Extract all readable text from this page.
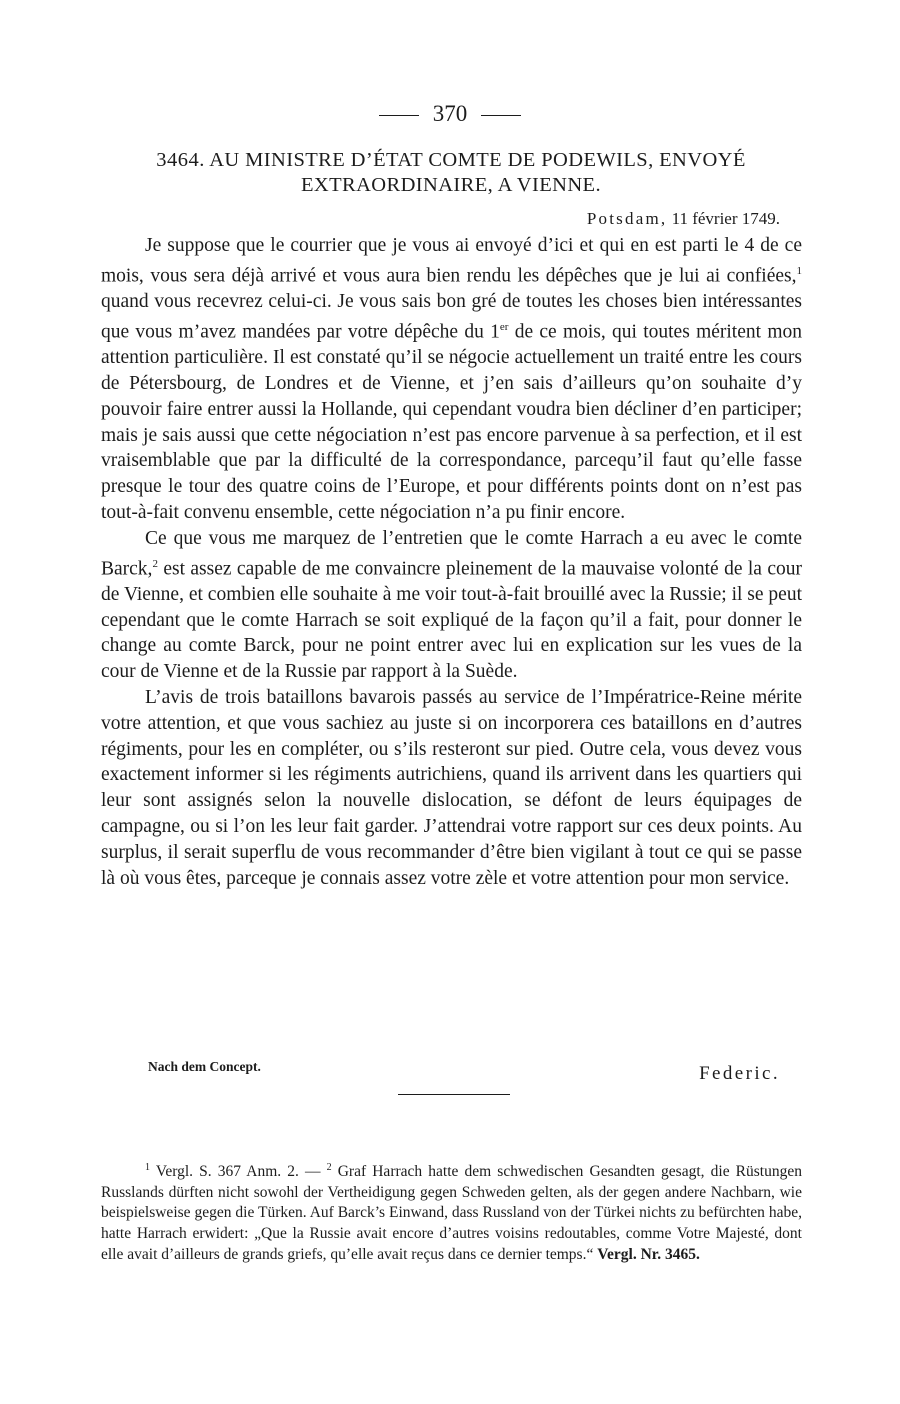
370
3464. AU MINISTRE D’ÉTAT COMTE DE PODEWILS, ENVOYÉ
EXTRAORDINAIRE, A VIENNE.
Potsdam, 11 février 1749.

Je suppose que le courrier que je vous ai envoyé d’ici et qui en est parti le 4 de ce mois, vous sera déjà arrivé et vous aura bien rendu les dépêches que je lui ai confiées,$^1$ quand vous recevrez celui-ci. Je vous sais bon gré de toutes les choses bien intéressantes que vous m’avez mandées par votre dépêche du 1er de ce mois, qui toutes méritent mon attention particulière. Il est constaté qu’il se négocie actuellement un traité entre les cours de Pétersbourg, de Londres et de Vienne, et j’en sais d’ailleurs qu’on souhaite d’y pouvoir faire entrer aussi la Hollande, qui cependant voudra bien décliner d’en participer; mais je sais aussi que cette négociation n’est pas encore parvenue à sa perfection, et il est vraisemblable que par la difficulté de la correspondance, parcequ’il faut qu’elle fasse presque le tour des quatre coins de l’Europe, et pour différents points dont on n’est pas tout-à-fait convenu ensemble, cette négociation n’a pu finir encore.

Ce que vous me marquez de l’entretien que le comte Harrach a eu avec le comte Barck,$^2$ est assez capable de me convaincre pleinement de la mauvaise volonté de la cour de Vienne, et combien elle souhaite à me voir tout-à-fait brouillé avec la Russie; il se peut cependant que le comte Harrach se soit expliqué de la façon qu’il a fait, pour donner le change au comte Barck, pour ne point entrer avec lui en explication sur les vues de la cour de Vienne et de la Russie par rapport à la Suède.

L’avis de trois bataillons bavarois passés au service de l’Impératrice-Reine mérite votre attention, et que vous sachiez au juste si on incorporera ces bataillons en d’autres régiments, pour les en compléter, ou s’ils resteront sur pied. Outre cela, vous devez vous exactement informer si les régiments autrichiens, quand ils arrivent dans les quartiers qui leur sont assignés selon la nouvelle dislocation, se défont de leurs équipages de campagne, ou si l’on les leur fait garder. J’attendrai votre rapport sur ces deux points. Au surplus, il serait superflu de vous recommander d’être bien vigilant à tout ce qui se passe là où vous êtes, parceque je connais assez votre zèle et votre attention pour mon service.

Nach dem Concept.	Federic.

$^1$ Vergl. S. 367 Anm. 2. — $^2$ Graf Harrach hatte dem schwedischen Gesandten gesagt, die Rüstungen Russlands dürften nicht sowohl der Vertheidigung gegen Schweden gelten, als der gegen andere Nachbarn, wie beispielsweise gegen die Türken. Auf Barck’s Einwand, dass Russland von der Türkei nichts zu befürchten habe, hatte Harrach erwidert: „Que la Russie avait encore d’autres voisins redoutables, comme Votre Majesté, dont elle avait d’ailleurs de grands griefs, qu’elle avait reçus dans ce dernier temps.“ Vergl. Nr. 3465.
